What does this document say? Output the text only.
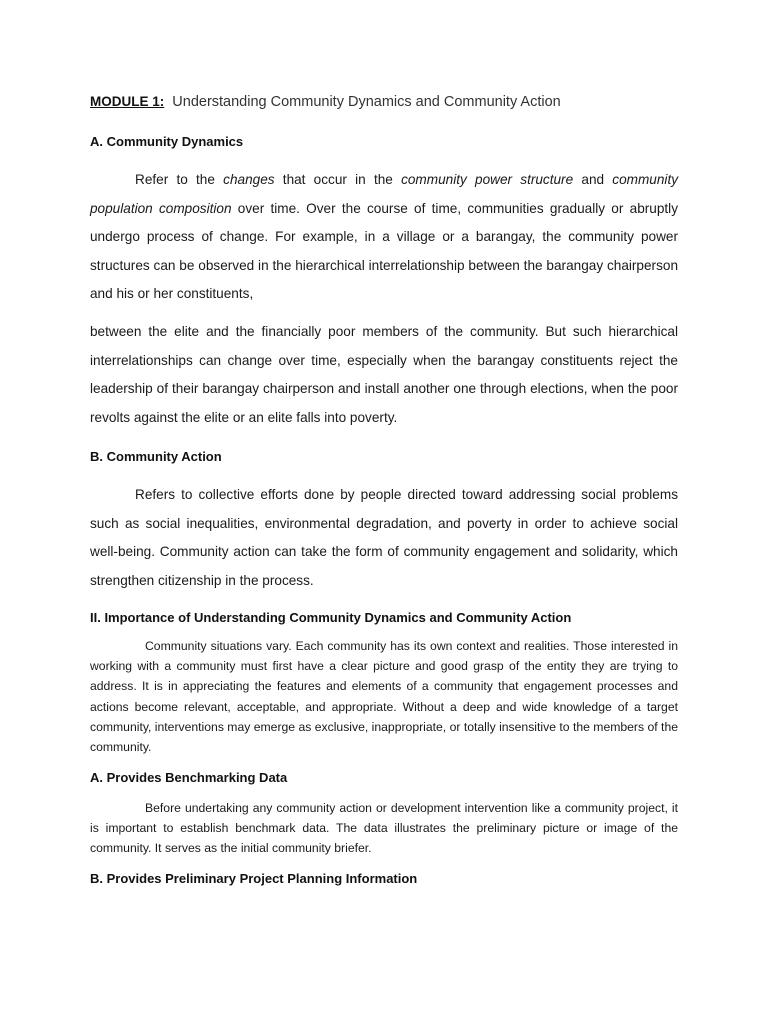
MODULE 1: Understanding Community Dynamics and Community Action
A. Community Dynamics

Refer to the changes that occur in the community power structure and community population composition over time. Over the course of time, communities gradually or abruptly undergo process of change. For example, in a village or a barangay, the community power structures can be observed in the hierarchical interrelationship between the barangay chairperson and his or her constituents,

between the elite and the financially poor members of the community. But such hierarchical interrelationships can change over time, especially when the barangay constituents reject the leadership of their barangay chairperson and install another one through elections, when the poor revolts against the elite or an elite falls into poverty.

B. Community Action

Refers to collective efforts done by people directed toward addressing social problems such as social inequalities, environmental degradation, and poverty in order to achieve social well-being. Community action can take the form of community engagement and solidarity, which strengthen citizenship in the process.

II. Importance of Understanding Community Dynamics and Community Action

Community situations vary. Each community has its own context and realities. Those interested in working with a community must first have a clear picture and good grasp of the entity they are trying to address. It is in appreciating the features and elements of a community that engagement processes and actions become relevant, acceptable, and appropriate. Without a deep and wide knowledge of a target community, interventions may emerge as exclusive, inappropriate, or totally insensitive to the members of the community.

A. Provides Benchmarking Data

Before undertaking any community action or development intervention like a community project, it is important to establish benchmark data. The data illustrates the preliminary picture or image of the community. It serves as the initial community briefer.

B. Provides Preliminary Project Planning Information
